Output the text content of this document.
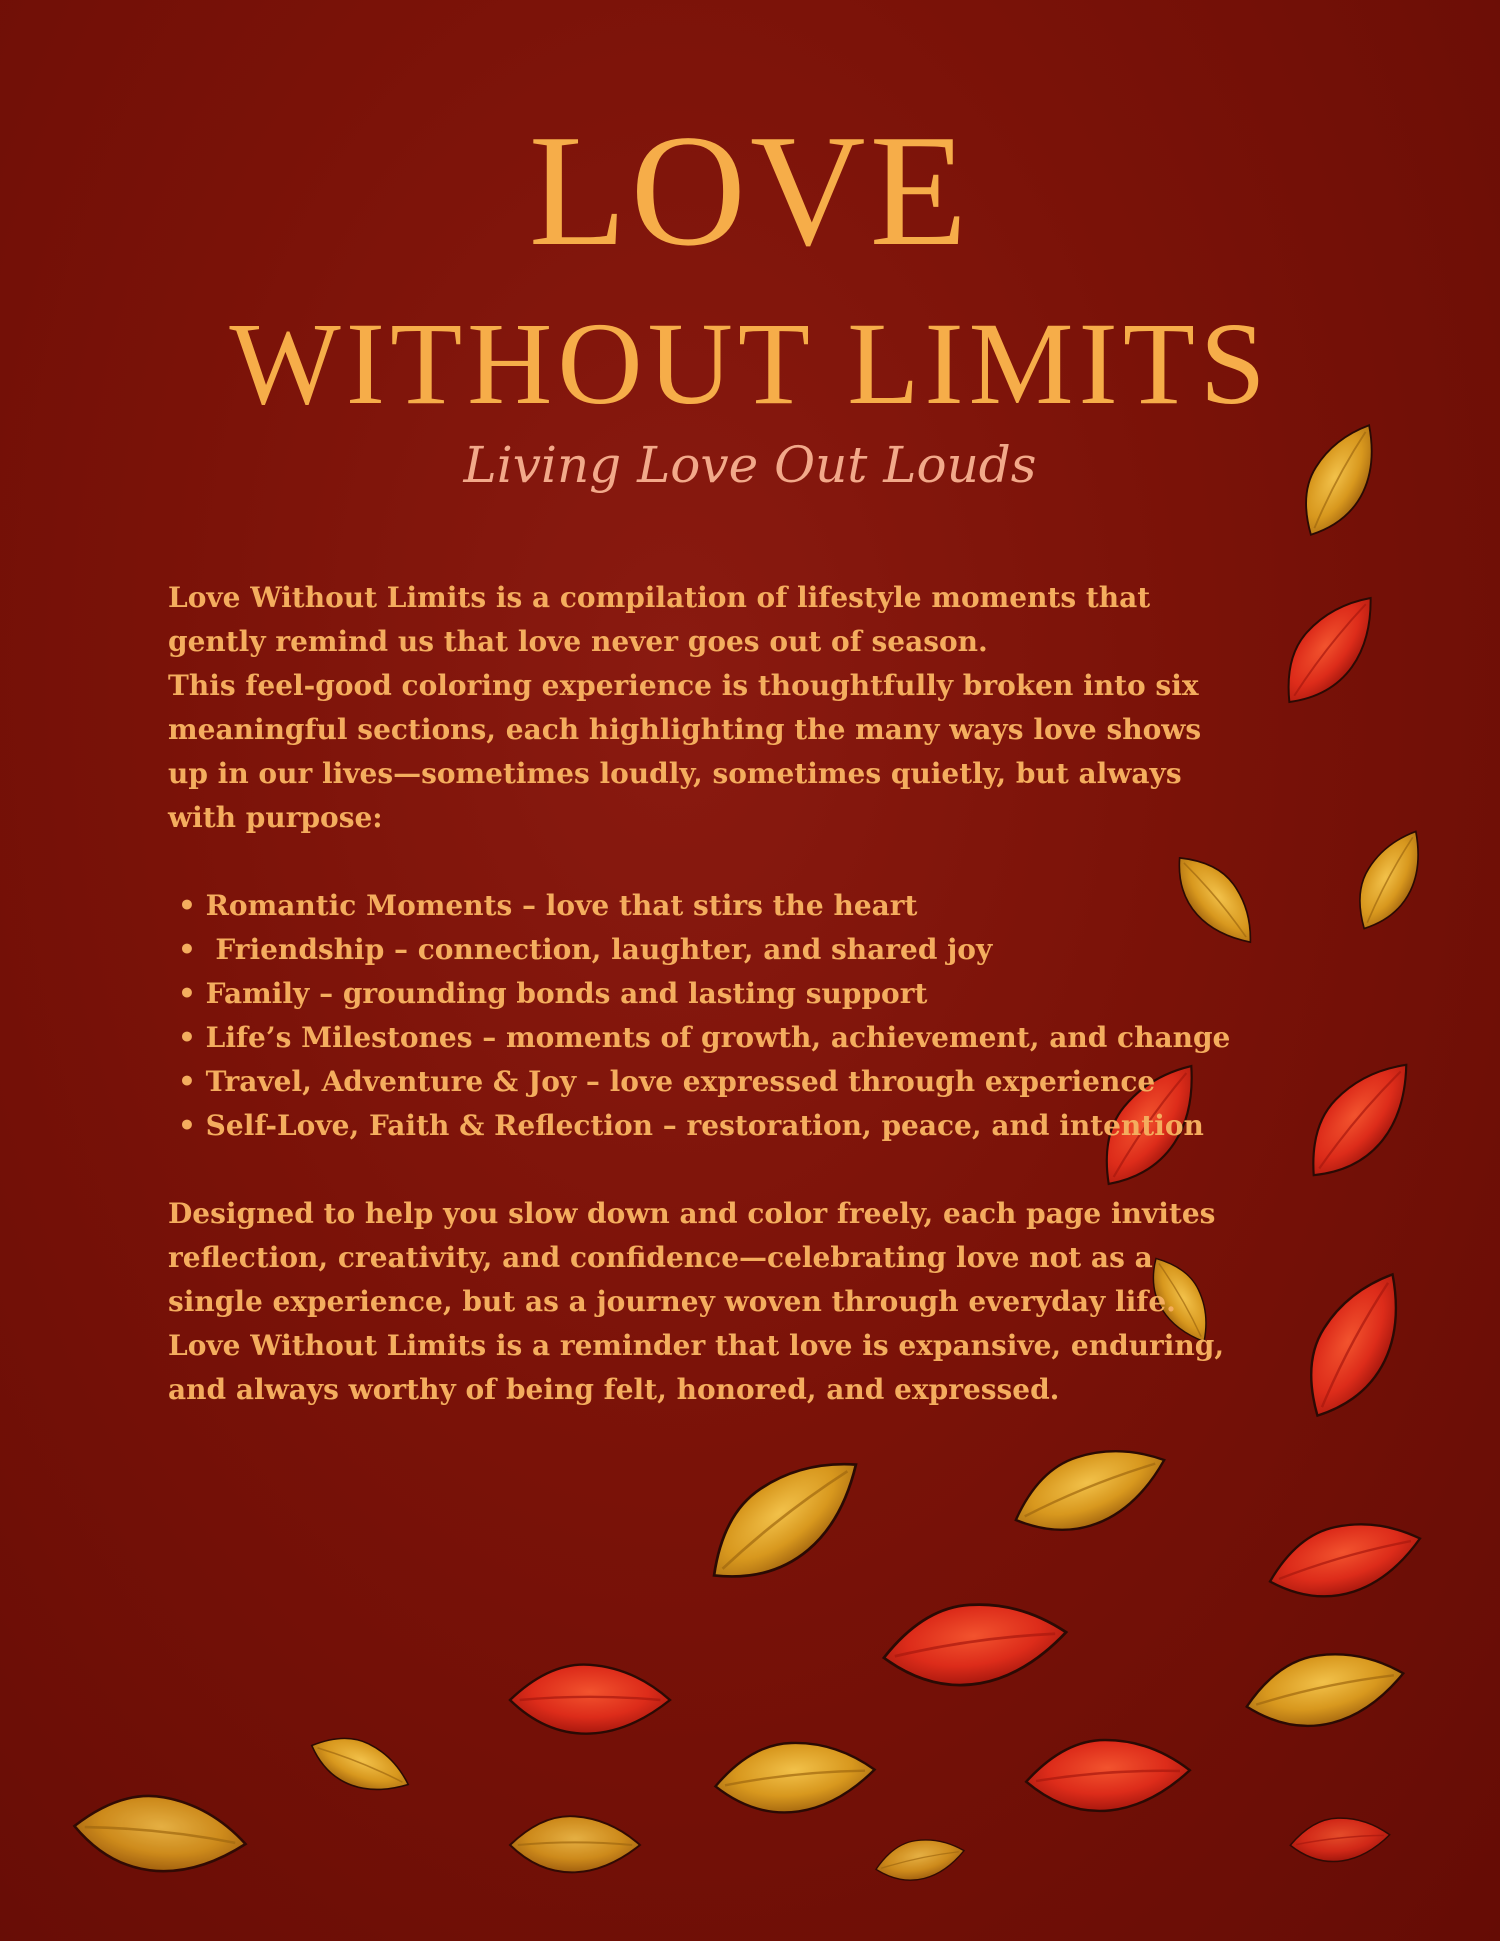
LOVE
WITHOUT LIMITS
Living Love Out Louds

Love Without Limits is a compilation of lifestyle moments that
gently remind us that love never goes out of season.
This feel-good coloring experience is thoughtfully broken into six
meaningful sections, each highlighting the many ways love shows
up in our lives—sometimes loudly, sometimes quietly, but always
with purpose:

• Romantic Moments – love that stirs the heart
•  Friendship – connection, laughter, and shared joy
• Family – grounding bonds and lasting support
• Life’s Milestones – moments of growth, achievement, and change
• Travel, Adventure & Joy – love expressed through experience
• Self-Love, Faith & Reflection – restoration, peace, and intention

Designed to help you slow down and color freely, each page invites
reflection, creativity, and confidence—celebrating love not as a
single experience, but as a journey woven through everyday life.
Love Without Limits is a reminder that love is expansive, enduring,
and always worthy of being felt, honored, and expressed.
